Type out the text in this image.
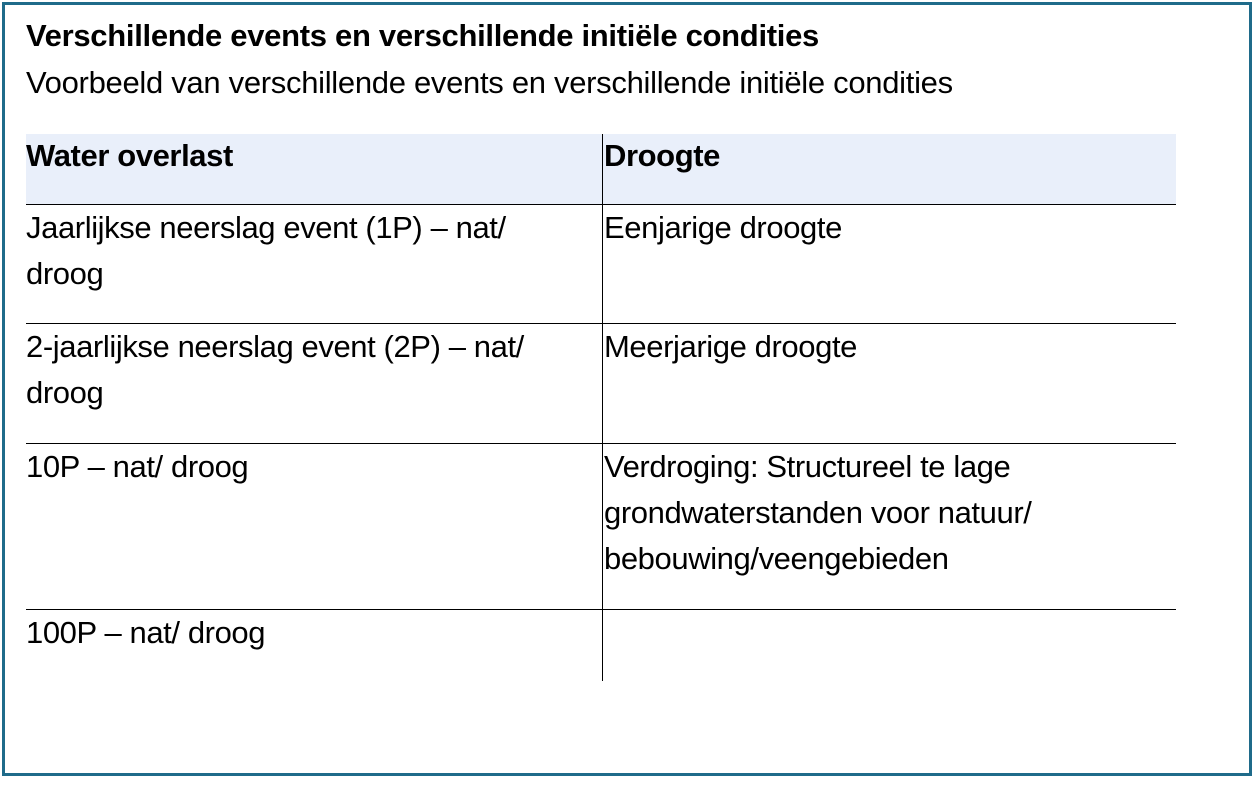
Verschillende events en verschillende initiële condities
Voorbeeld van verschillende events en verschillende initiële condities
Water overlast	Droogte
Jaarlijkse neerslag event (1P) – nat/ droog
Eenjarige droogte
2-jaarlijkse neerslag event (2P) – nat/ droog
Meerjarige droogte
10P – nat/ droog	Verdroging: Structureel te lage grondwaterstanden voor natuur/ bebouwing/veengebieden
100P – nat/ droog
